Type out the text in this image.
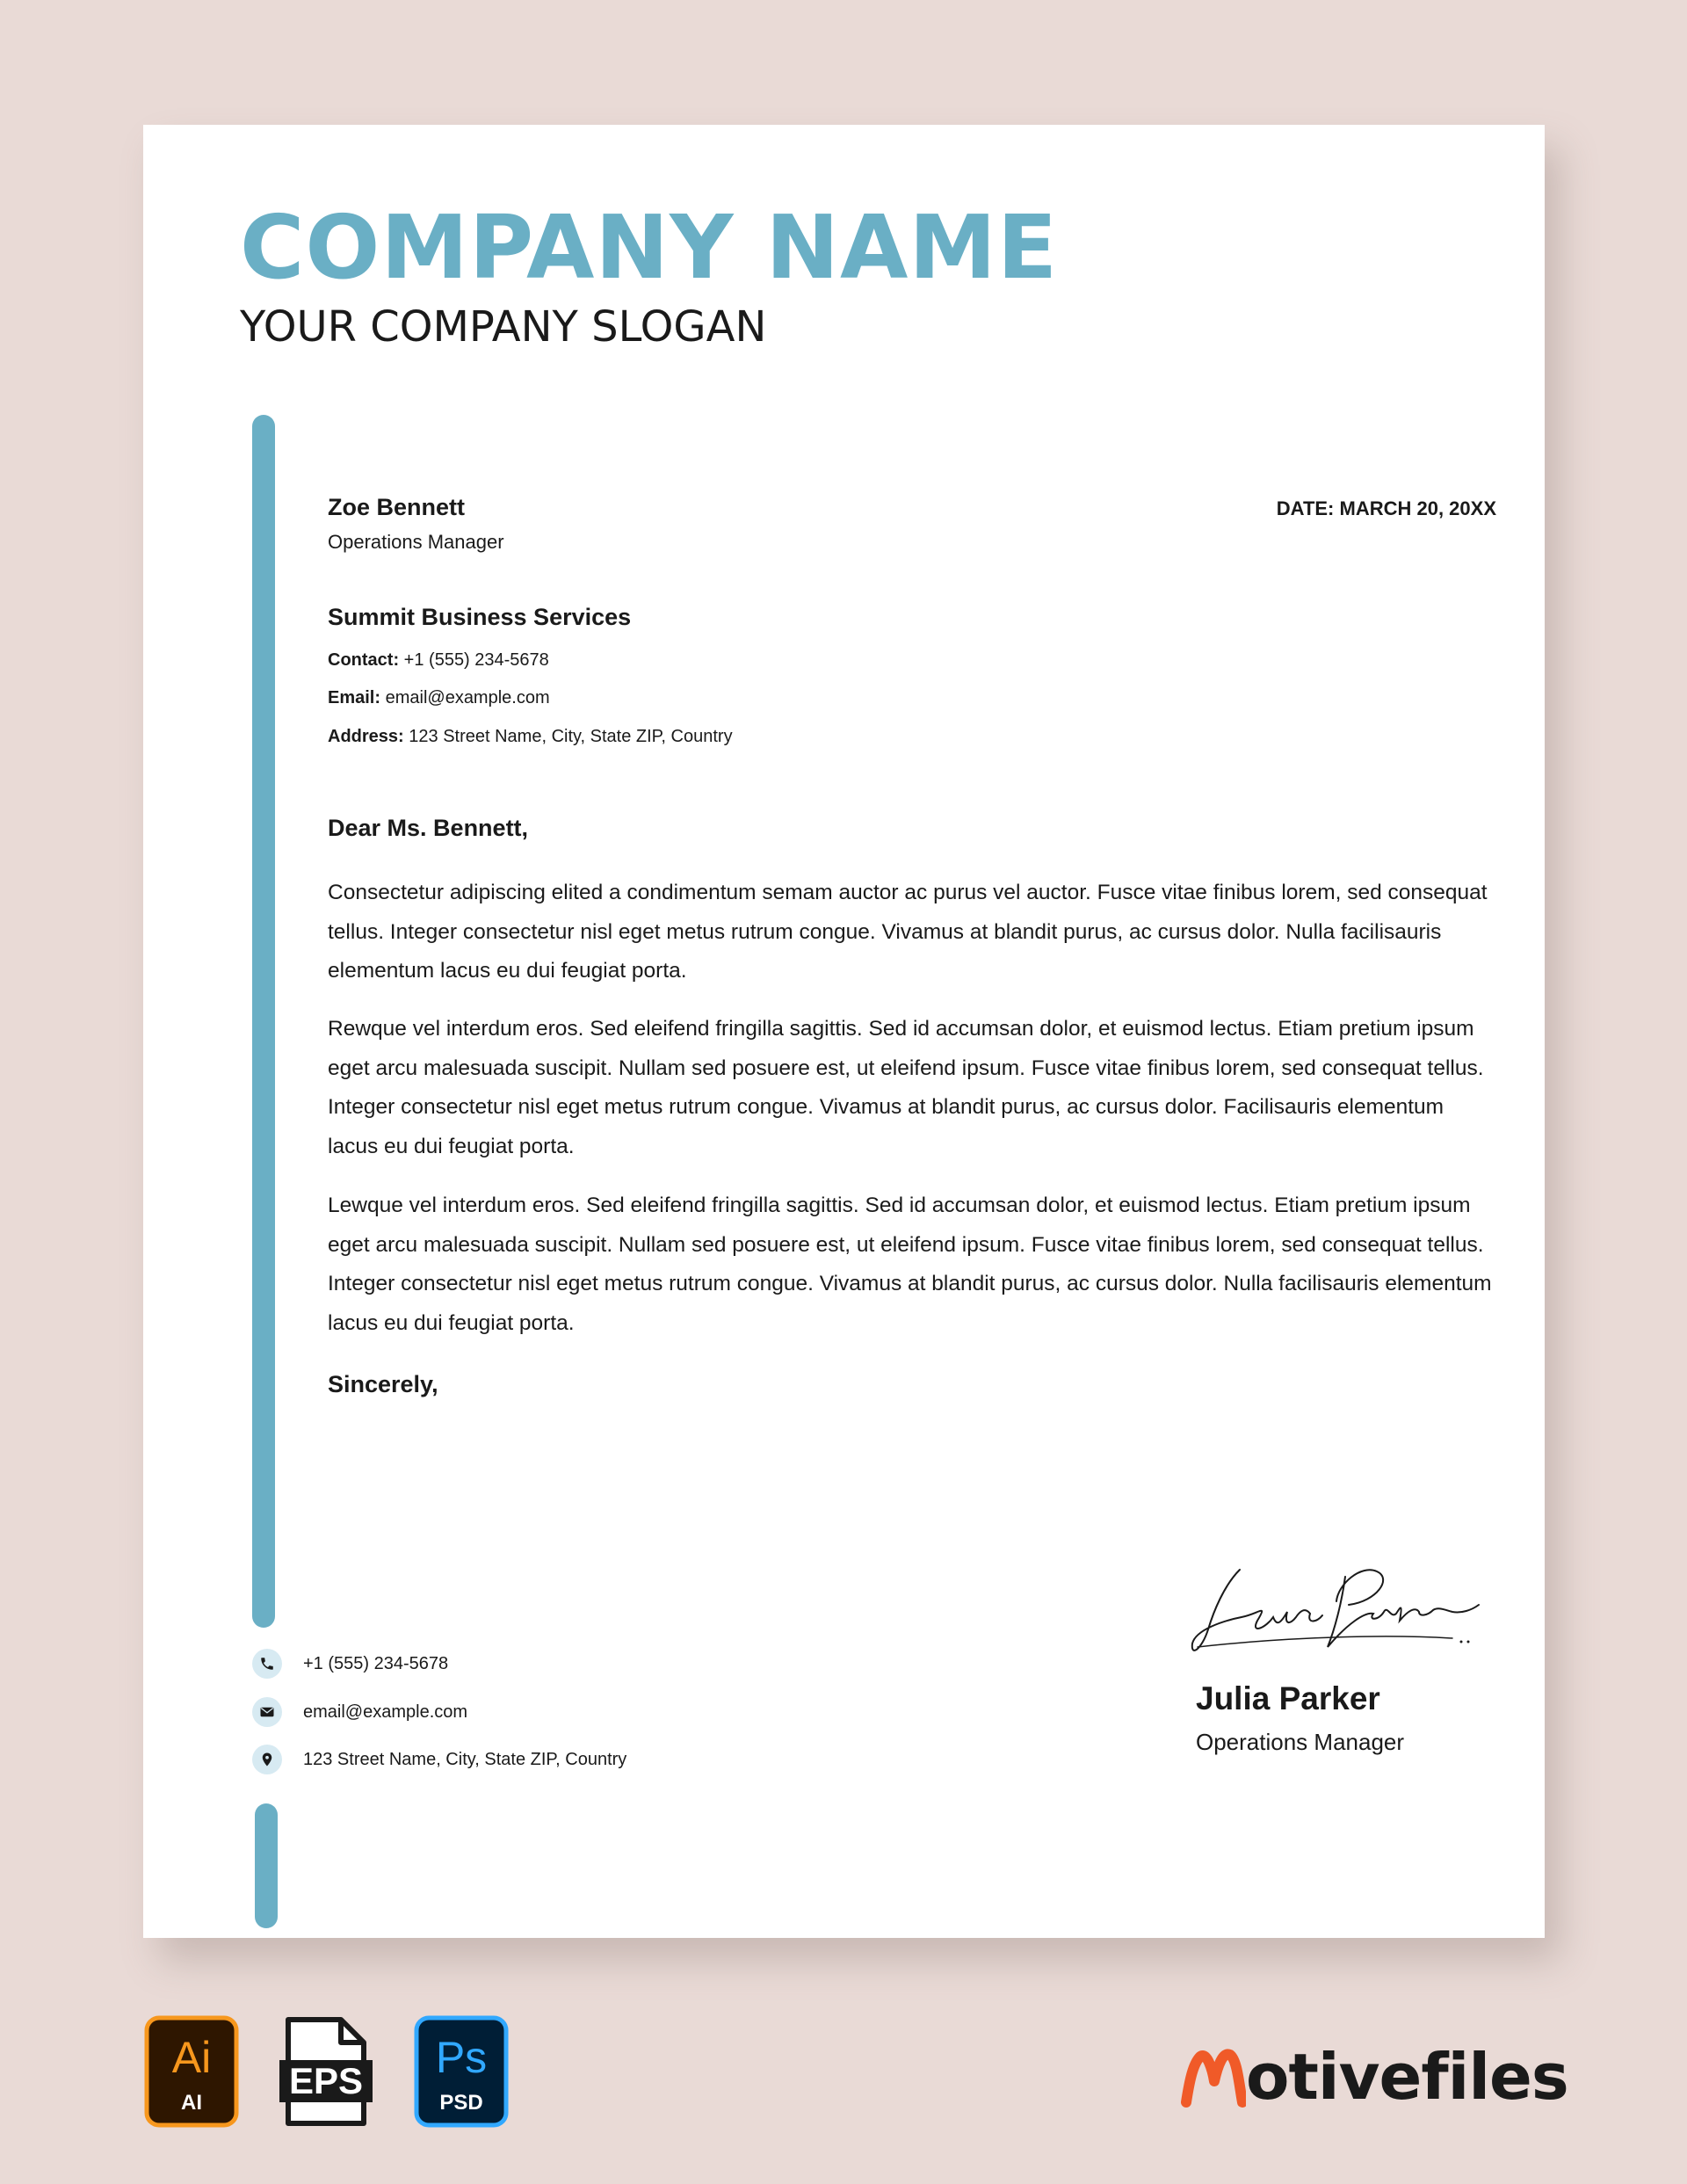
COMPANY NAME
YOUR COMPANY SLOGAN
Zoe Bennett
Operations Manager
DATE: MARCH 20, 20XX
Summit Business Services
Contact: +1 (555) 234-5678
Email: email@example.com
Address: 123 Street Name, City, State ZIP, Country
Dear Ms. Bennett,

Consectetur adipiscing elited a condimentum semam auctor ac purus vel auctor. Fusce vitae finibus lorem, sed consequat tellus. Integer consectetur nisl eget metus rutrum congue. Vivamus at blandit purus, ac cursus dolor. Nulla facilisauris elementum lacus eu dui feugiat porta.

Rewque vel interdum eros. Sed eleifend fringilla sagittis. Sed id accumsan dolor, et euismod lectus. Etiam pretium ipsum eget arcu malesuada suscipit. Nullam sed posuere est, ut eleifend ipsum. Fusce vitae finibus lorem, sed consequat tellus. Integer consectetur nisl eget metus rutrum congue. Vivamus at blandit purus, ac cursus dolor. Facilisauris elementum lacus eu dui feugiat porta.

Lewque vel interdum eros. Sed eleifend fringilla sagittis. Sed id accumsan dolor, et euismod lectus. Etiam pretium ipsum eget arcu malesuada suscipit. Nullam sed posuere est, ut eleifend ipsum. Fusce vitae finibus lorem, sed consequat tellus. Integer consectetur nisl eget metus rutrum congue. Vivamus at blandit purus, ac cursus dolor. Nulla facilisauris elementum lacus eu dui feugiat porta.

Sincerely,
+1 (555) 234-5678
email@example.com
123 Street Name, City, State ZIP, Country
Julia Parker
Operations Manager
Ai
AI
EPS Ps
PSD	otivefiles
